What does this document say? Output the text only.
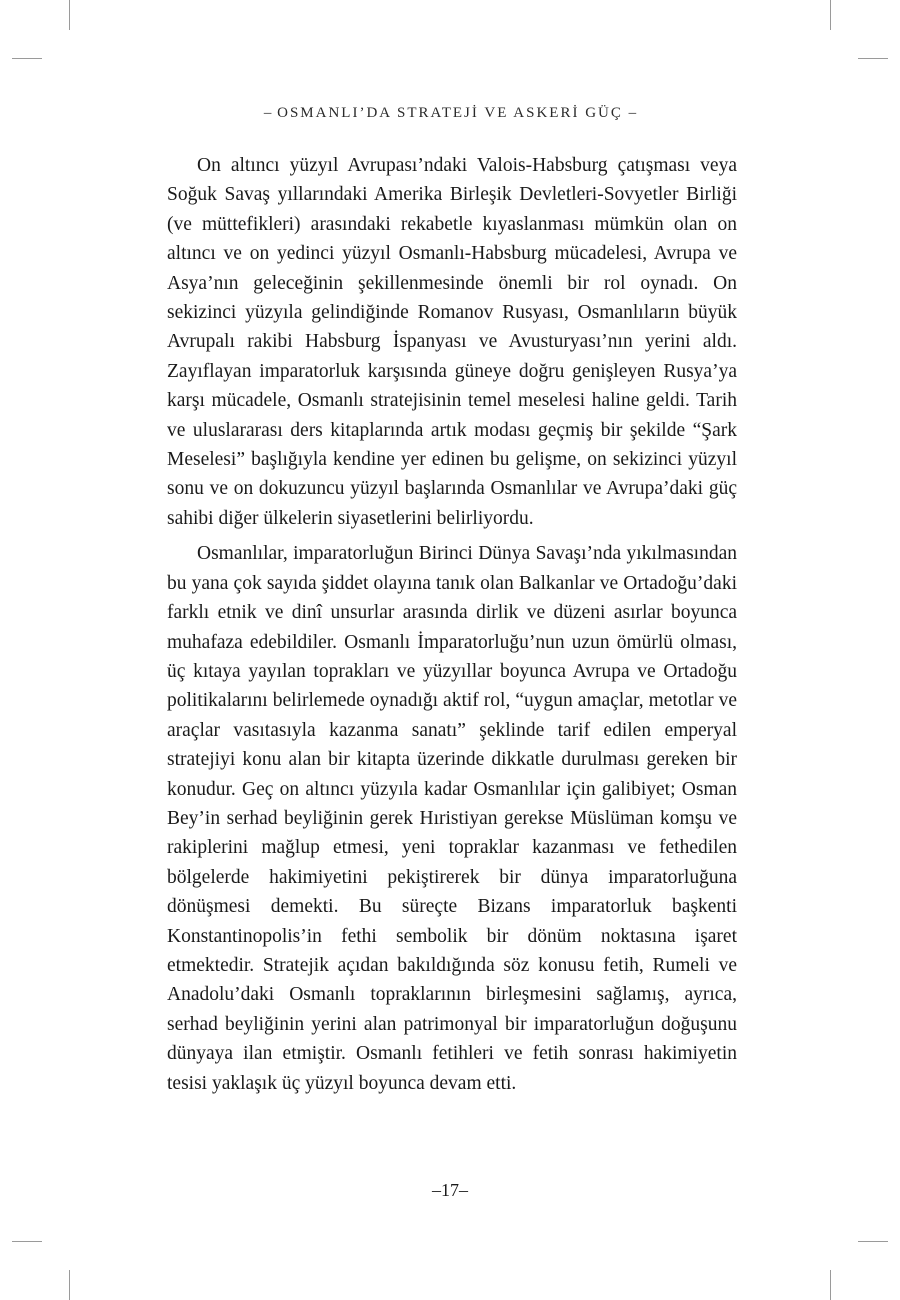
– OSMANLI’DA STRATEJİ VE ASKERİ GÜÇ –

On altıncı yüzyıl Avrupası’ndaki Valois-Habsburg çatışması veya Soğuk Savaş yıllarındaki Amerika Birleşik Devletleri-Sovyetler Birliği (ve müttefikleri) arasındaki rekabetle kıyaslanması mümkün olan on altıncı ve on yedinci yüzyıl Osmanlı-Habsburg mücadelesi, Avrupa ve Asya’nın geleceğinin şekillenmesinde önemli bir rol oynadı. On sekizinci yüzyıla gelindiğinde Romanov Rusyası, Osmanlıların büyük Avrupalı rakibi Habsburg İspanyası ve Avusturyası’nın yerini aldı. Zayıflayan imparatorluk karşısında güneye doğru genişleyen Rusya’ya karşı mücadele, Osmanlı stratejisinin temel meselesi haline geldi. Tarih ve uluslararası ders kitaplarında artık modası geçmiş bir şekilde “Şark Meselesi” başlığıyla kendine yer edinen bu gelişme, on sekizinci yüzyıl sonu ve on dokuzuncu yüzyıl başlarında Osmanlılar ve Avrupa’daki güç sahibi diğer ülkelerin siyasetlerini belirliyordu.

Osmanlılar, imparatorluğun Birinci Dünya Savaşı’nda yıkılmasından bu yana çok sayıda şiddet olayına tanık olan Balkanlar ve Ortadoğu’daki farklı etnik ve dinî unsurlar arasında dirlik ve düzeni asırlar boyunca muhafaza edebildiler. Osmanlı İmparatorluğu’nun uzun ömürlü olması, üç kıtaya yayılan toprakları ve yüzyıllar boyunca Avrupa ve Ortadoğu politikalarını belirlemede oynadığı aktif rol, “uygun amaçlar, metotlar ve araçlar vasıtasıyla kazanma sanatı” şeklinde tarif edilen emperyal stratejiyi konu alan bir kitapta üzerinde dikkatle durulması gereken bir konudur. Geç on altıncı yüzyıla kadar Osmanlılar için galibiyet; Osman Bey’in serhad beyliğinin gerek Hıristiyan gerekse Müslüman komşu ve rakiplerini mağlup etmesi, yeni topraklar kazanması ve fethedilen bölgelerde hakimiyetini pekiştirerek bir dünya imparatorluğuna dönüşmesi demekti. Bu süreçte Bizans imparatorluk başkenti Konstantinopolis’in fethi sembolik bir dönüm noktasına işaret etmektedir. Stratejik açıdan bakıldığında söz konusu fetih, Rumeli ve Anadolu’daki Osmanlı topraklarının birleşmesini sağlamış, ayrıca, serhad beyliğinin yerini alan patrimonyal bir imparatorluğun doğuşunu dünyaya ilan etmiştir. Osmanlı fetihleri ve fetih sonrası hakimiyetin tesisi yaklaşık üç yüzyıl boyunca devam etti.

–17–
